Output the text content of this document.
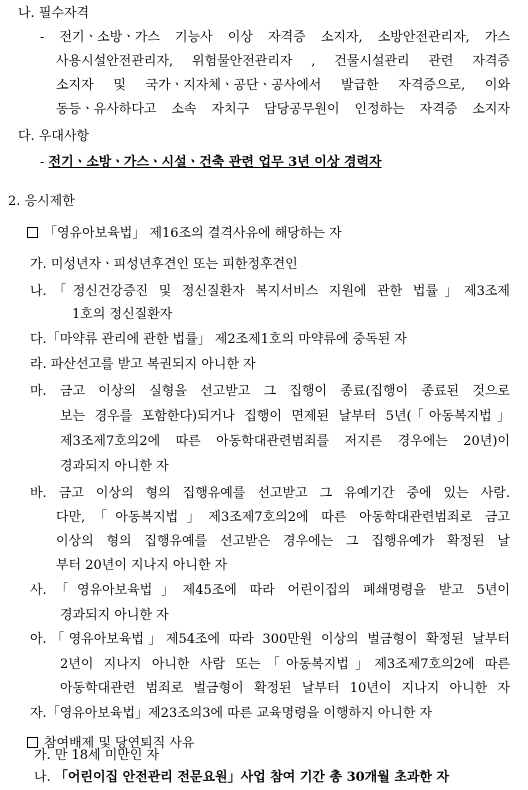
나. 필수자격
- 전기ㆍ소방ㆍ가스 기능사 이상 자격증 소지자, 소방안전관리자, 가스
사용시설안전관리자, 위험물안전관리자 , 건물시설관리 관련 자격증
소지자 및 국가ㆍ지자체ㆍ공단ㆍ공사에서 발급한 자격증으로, 이와
동등ㆍ유사하다고 소속 자치구 담당공무원이 인정하는 자격증 소지자
다. 우대사항
- 전기ㆍ소방ㆍ가스ㆍ시설ㆍ건축 관련 업무 3년 이상 경력자
2. 응시제한
「영유아보육법」 제16조의 결격사유에 해당하는 자
가. 미성년자ㆍ피성년후견인 또는 피한정후견인
나.「정신건강증진 및 정신질환자 복지서비스 지원에 관한 법률」제3조제
1호의 정신질환자
다.「마약류 관리에 관한 법률」 제2조제1호의 마약류에 중독된 자
라. 파산선고를 받고 복권되지 아니한 자
마. 금고 이상의 실형을 선고받고 그 집행이 종료(집행이 종료된 것으로
보는 경우를 포함한다)되거나 집행이 면제된 날부터 5년(「아동복지법」
제3조제7호의2에 따른 아동학대관련범죄를 저지른 경우에는 20년)이
경과되지 아니한 자
바. 금고 이상의 형의 집행유예를 선고받고 그 유예기간 중에 있는 사람.
다만,「아동복지법」제3조제7호의2에 따른 아동학대관련범죄로 금고
이상의 형의 집행유예를 선고받은 경우에는 그 집행유예가 확정된 날
부터 20년이 지나지 아니한 자
사.「영유아보육법」제45조에 따라 어린이집의 폐쇄명령을 받고 5년이
경과되지 아니한 자
아.「영유아보육법」제54조에 따라 300만원 이상의 벌금형이 확정된 날부터
2년이 지나지 아니한 사람 또는「아동복지법」제3조제7호의2에 따른
아동학대관련 범죄로 벌금형이 확정된 날부터 10년이 지나지 아니한 자
자.「영유아보육법」제23조의3에 따른 교육명령을 이행하지 아니한 자
참여배제 및 당연퇴직 사유
가. 만 18세 미만인 자
나. 「어린이집 안전관리 전문요원」사업 참여 기간 총 30개월 초과한 자
